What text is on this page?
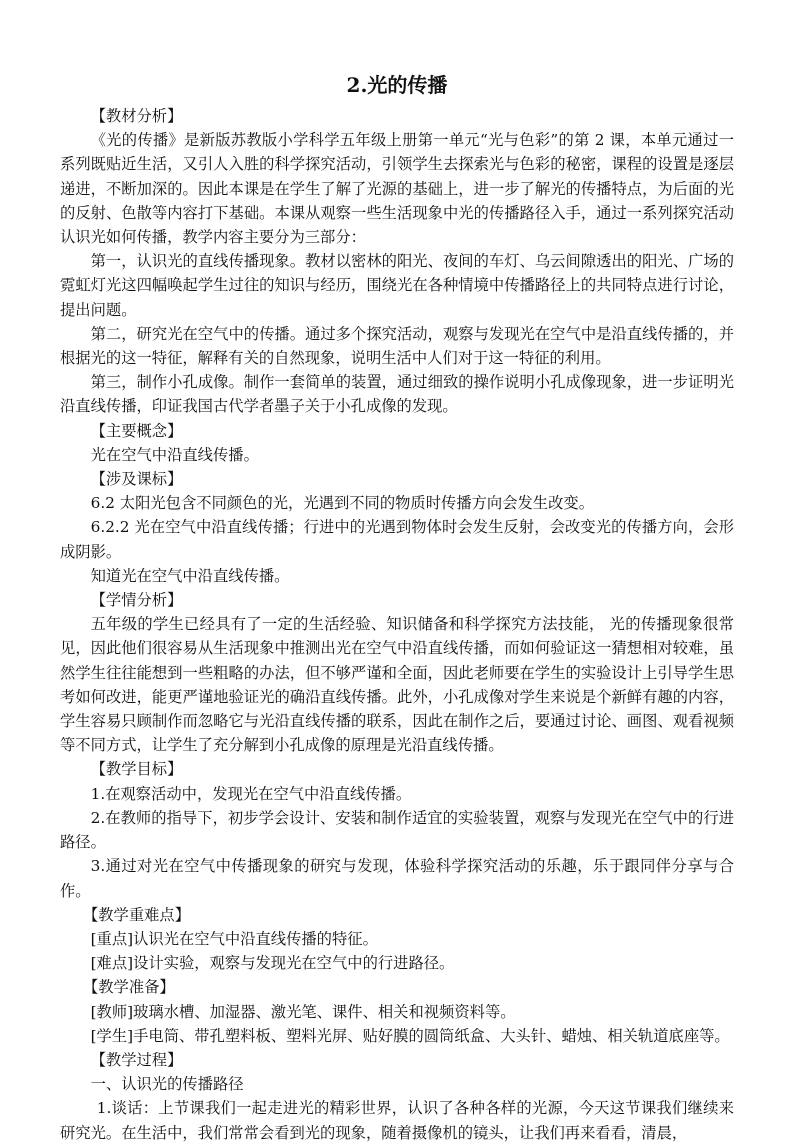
2.光的传播

【教材分析】

《光的传播》是新版苏教版小学科学五年级上册第一单元“光与色彩”的第 2 课，本单元通过一系列既贴近生活，又引人入胜的科学探究活动，引领学生去探索光与色彩的秘密，课程的设置是逐层递进，不断加深的。因此本课是在学生了解了光源的基础上，进一步了解光的传播特点，为后面的光的反射、色散等内容打下基础。本课从观察一些生活现象中光的传播路径入手，通过一系列探究活动认识光如何传播，教学内容主要分为三部分：

第一，认识光的直线传播现象。教材以密林的阳光、夜间的车灯、乌云间隙透出的阳光、广场的霓虹灯光这四幅唤起学生过往的知识与经历，围绕光在各种情境中传播路径上的共同特点进行讨论，提出问题。

第二，研究光在空气中的传播。通过多个探究活动，观察与发现光在空气中是沿直线传播的，并根据光的这一特征，解释有关的自然现象，说明生活中人们对于这一特征的利用。

第三，制作小孔成像。制作一套简单的装置，通过细致的操作说明小孔成像现象，进一步证明光沿直线传播，印证我国古代学者墨子关于小孔成像的发现。

【主要概念】

光在空气中沿直线传播。

【涉及课标】

6.2 太阳光包含不同颜色的光，光遇到不同的物质时传播方向会发生改变。

6.2.2 光在空气中沿直线传播；行进中的光遇到物体时会发生反射，会改变光的传播方向，会形成阴影。

知道光在空气中沿直线传播。

【学情分析】

五年级的学生已经具有了一定的生活经验、知识储备和科学探究方法技能， 光的传播现象很常见，因此他们很容易从生活现象中推测出光在空气中沿直线传播，而如何验证这一猜想相对较难，虽然学生往往能想到一些粗略的办法，但不够严谨和全面，因此老师要在学生的实验设计上引导学生思考如何改进，能更严谨地验证光的确沿直线传播。此外，小孔成像对学生来说是个新鲜有趣的内容， 学生容易只顾制作而忽略它与光沿直线传播的联系，因此在制作之后，要通过讨论、画图、观看视频等不同方式，让学生了充分解到小孔成像的原理是光沿直线传播。

【教学目标】

1.在观察活动中，发现光在空气中沿直线传播。

2.在教师的指导下，初步学会设计、安装和制作适宜的实验装置，观察与发现光在空气中的行进路径。

3.通过对光在空气中传播现象的研究与发现，体验科学探究活动的乐趣，乐于跟同伴分享与合作。

【教学重难点】

[重点]认识光在空气中沿直线传播的特征。

[难点]设计实验，观察与发现光在空气中的行进路径。

【教学准备】

[教师]玻璃水槽、加湿器、激光笔、课件、相关和视频资料等。

[学生]手电筒、带孔塑料板、塑料光屏、贴好膜的圆筒纸盒、大头针、蜡烛、相关轨道底座等。

【教学过程】

一、认识光的传播路径

1.谈话：上节课我们一起走进光的精彩世界，认识了各种各样的光源，今天这节课我们继续来研究光。在生活中，我们常常会看到光的现象，随着摄像机的镜头，让我们再来看看，清晨，
